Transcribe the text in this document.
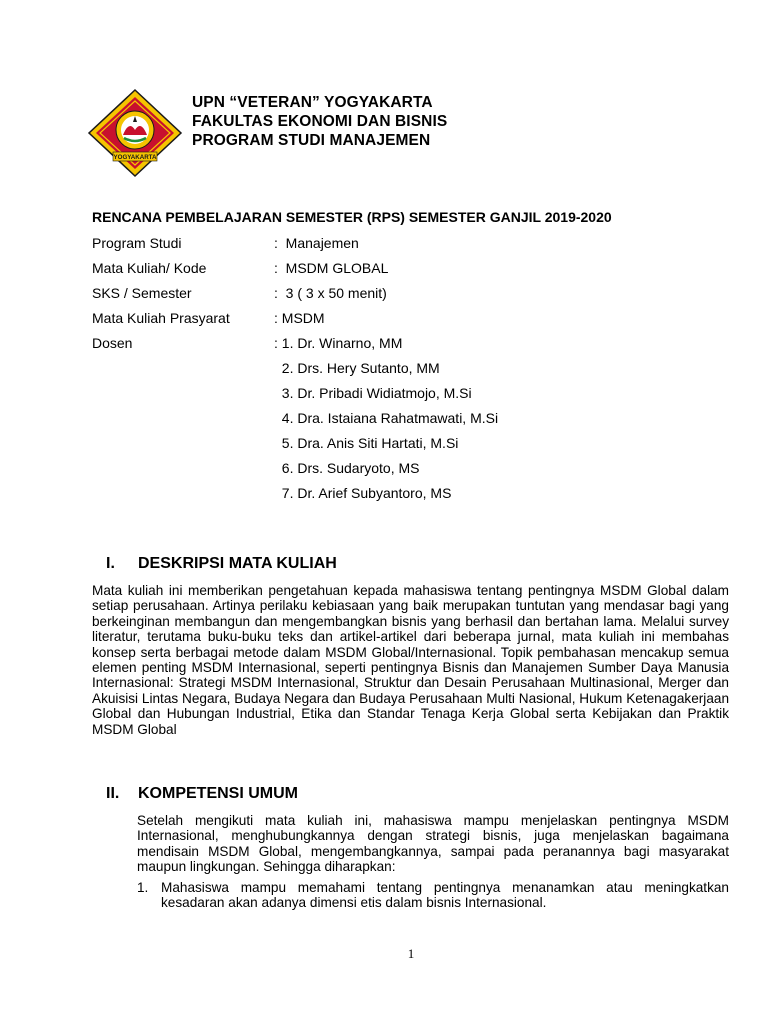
YOGYAKARTA
UPN “VETERAN” YOGYAKARTA
FAKULTAS EKONOMI DAN BISNIS
PROGRAM STUDI MANAJEMEN
RENCANA PEMBELAJARAN SEMESTER (RPS) SEMESTER GANJIL 2019-2020
Program Studi	:  Manajemen
Mata Kuliah/ Kode	:  MSDM GLOBAL
SKS / Semester	:  3 ( 3 x 50 menit)
Mata Kuliah Prasyarat	: MSDM
Dosen	: 1. Dr. Winarno, MM
2. Drs. Hery Sutanto, MM
3. Dr. Pribadi Widiatmojo, M.Si
4. Dra. Istaiana Rahatmawati, M.Si
5. Dra. Anis Siti Hartati, M.Si
6. Drs. Sudaryoto, MS
7. Dr. Arief Subyantoro, MS
I. DESKRIPSI MATA KULIAH

Mata kuliah ini memberikan pengetahuan kepada mahasiswa tentang pentingnya MSDM Global dalam setiap perusahaan. Artinya perilaku kebiasaan yang baik merupakan tuntutan yang mendasar bagi yang berkeinginan membangun dan mengembangkan bisnis yang berhasil dan bertahan lama. Melalui survey literatur, terutama buku-buku teks dan artikel-artikel dari beberapa jurnal, mata kuliah ini membahas konsep serta berbagai metode dalam MSDM Global/Internasional. Topik pembahasan mencakup semua elemen penting MSDM Internasional, seperti pentingnya Bisnis dan Manajemen Sumber Daya Manusia Internasional: Strategi MSDM Internasional, Struktur dan Desain Perusahaan Multinasional, Merger dan Akuisisi Lintas Negara, Budaya Negara dan Budaya Perusahaan Multi Nasional, Hukum Ketenagakerjaan Global dan Hubungan Industrial, Etika dan Standar Tenaga Kerja Global serta Kebijakan dan Praktik MSDM Global

II. KOMPETENSI UMUM

Setelah mengikuti mata kuliah ini, mahasiswa mampu menjelaskan pentingnya MSDM Internasional, menghubungkannya dengan strategi bisnis, juga menjelaskan bagaimana mendisain MSDM Global, mengembangkannya, sampai pada peranannya bagi masyarakat maupun lingkungan. Sehingga diharapkan:

1. Mahasiswa mampu memahami tentang pentingnya menanamkan atau meningkatkan kesadaran akan adanya dimensi etis dalam bisnis Internasional.
1
